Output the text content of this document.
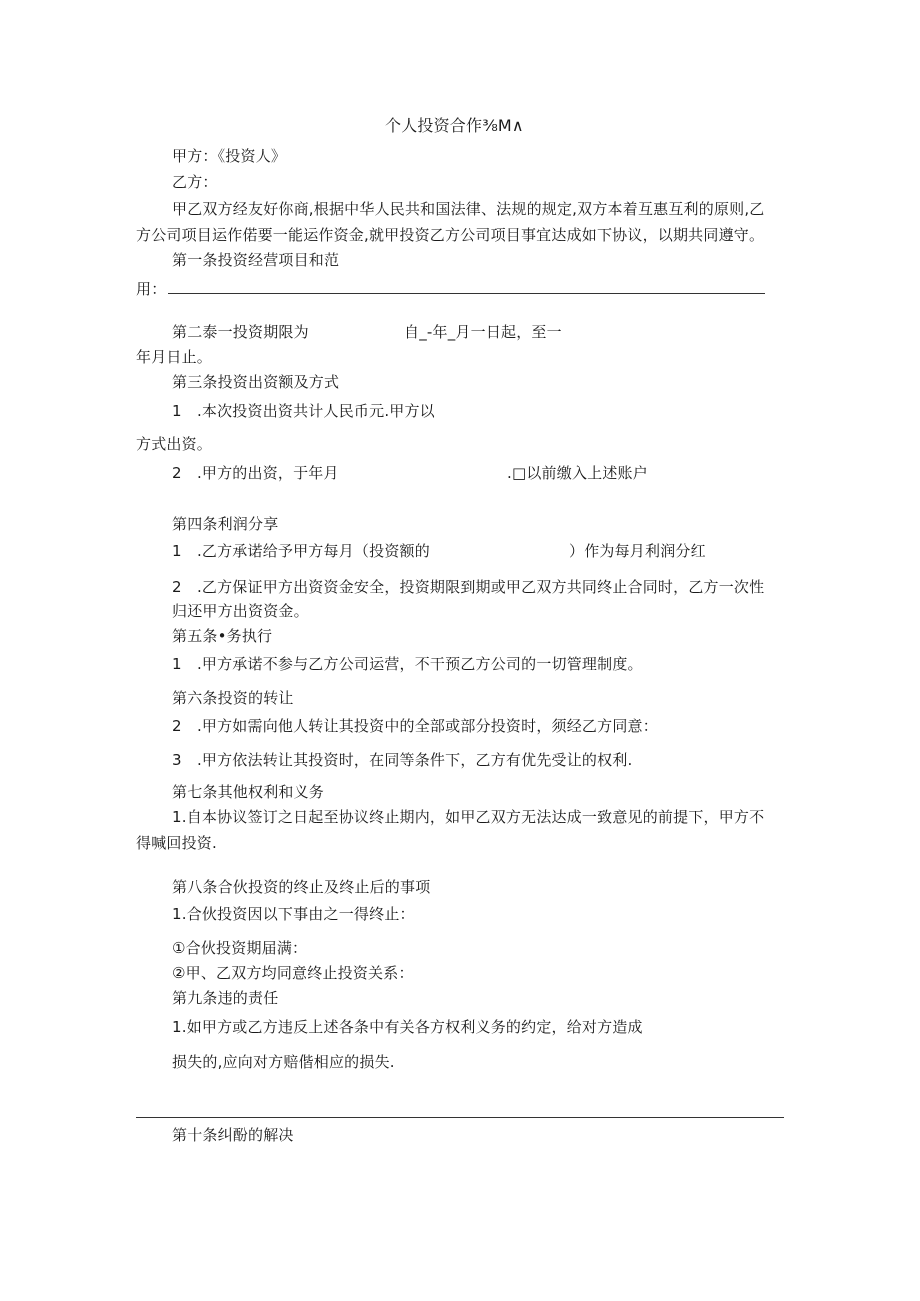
个人投资合作⅜M∧
甲方：《投资人》
乙方：
甲乙双方经友好你商,根据中华人民共和国法律、法规的规定,双方本着互惠互利的原则,乙
方公司项目运作偌要一能运作资金,就甲投资乙方公司项目事宜达成如下协议，以期共同遵守。
第一条投资经营项目和范
用：
第二泰一投资期限为	自_-年_月一日起，至一
年月日止。
第三条投资出资额及方式
1　.本次投资出资共计人民币元.甲方以
方式出资。
2　.甲方的出资，于年月	.□以前缴入上述账户
第四条利润分享
1　.乙方承诺给予甲方每月（投资额的	）作为每月利润分红
2　.乙方保证甲方出资资金安全，投资期限到期或甲乙双方共同终止合同时，乙方一次性
归还甲方出资资金。
第五条•务执行
1　.甲方承诺不参与乙方公司运营，不干预乙方公司的一切管理制度。
第六条投资的转让
2　.甲方如需向他人转让其投资中的全部或部分投资时，须经乙方同意：
3　.甲方依法转让其投资时，在同等条件下，乙方有优先受让的权利.
第七条其他权利和义务
1.自本协议签订之日起至协议终止期内，如甲乙双方无法达成一致意见的前提下，甲方不
得喊回投资.
第八条合伙投资的终止及终止后的事项
1.合伙投资因以下事由之一得终止：
①合伙投资期届满：
②甲、乙双方均同意终止投资关系：
第九条违的责任
1.如甲方或乙方违反上述各条中有关各方权利义务的约定，给对方造成
损失的,应向对方赔偕相应的损失.
第十条纠酚的解决
